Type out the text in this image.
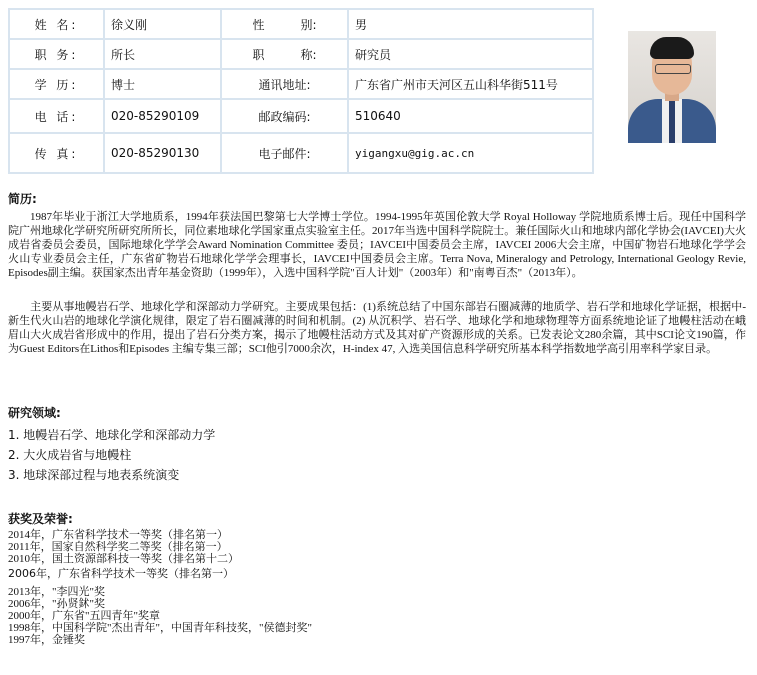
姓 名:	徐义刚	性　　　别:	男
职 务:	所长	职　　　称:	研究员
学 历:	博士	通讯地址:	广东省广州市天河区五山科华街511号
电 话:	020-85290109	邮政编码:	510640
传 真:	020-85290130	电子邮件:	yigangxu@gig.ac.cn
简历:
1987年毕业于浙江大学地质系，1994年获法国巴黎第七大学博士学位。1994-1995年英国伦敦大学 Royal Holloway 学院地质系博士后。现任中国科学院广州地球化学研究所研究所所长，同位素地球化学国家重点实验室主任。2017年当选中国科学院院士。兼任国际火山和地球内部化学协会(IAVCEI)大火成岩省委员会委员，国际地球化学学会Award Nomination Committee 委员；IAVCEI中国委员会主席，IAVCEI 2006大会主席，中国矿物岩石地球化学学会火山专业委员会主任，广东省矿物岩石地球化学学会理事长，IAVCEI中国委员会主席。Terra Nova, Mineralogy and Petrology, International Geology Revie, Episodes副主编。获国家杰出青年基金资助（1999年），入选中国科学院"百人计划"（2003年）和"南粤百杰"（2013年）。
主要从事地幔岩石学、地球化学和深部动力学研究。主要成果包括：(1)系统总结了中国东部岩石圈减薄的地质学、岩石学和地球化学证据，根据中-新生代火山岩的地球化学演化规律，限定了岩石圈减薄的时间和机制。(2) 从沉积学、岩石学、地球化学和地球物理等方面系统地论证了地幔柱活动在峨眉山大火成岩省形成中的作用，提出了岩石分类方案，揭示了地幔柱活动方式及其对矿产资源形成的关系。已发表论文280余篇，其中SCI论文190篇，作为Guest Editors在Lithos和Episodes 主编专集三部；SCI他引7000余次，H-index 47, 入选美国信息科学研究所基本科学指数地学高引用率科学家目录。
研究领域:
1. 地幔岩石学、地球化学和深部动力学
2. 大火成岩省与地幔柱
3. 地球深部过程与地表系统演变
获奖及荣誉:
2014年，广东省科学技术一等奖（排名第一）
2011年，国家自然科学奖二等奖（排名第一）
2010年，国土资源部科技一等奖（排名第十二）
2006年，广东省科学技术一等奖（排名第一）
2013年，"李四光"奖
2006年，"孙贤鉥"奖
2000年，广东省"五四青年"奖章
1998年，中国科学院"杰出青年"，中国青年科技奖，"侯德封奖"
1997年，金锤奖
